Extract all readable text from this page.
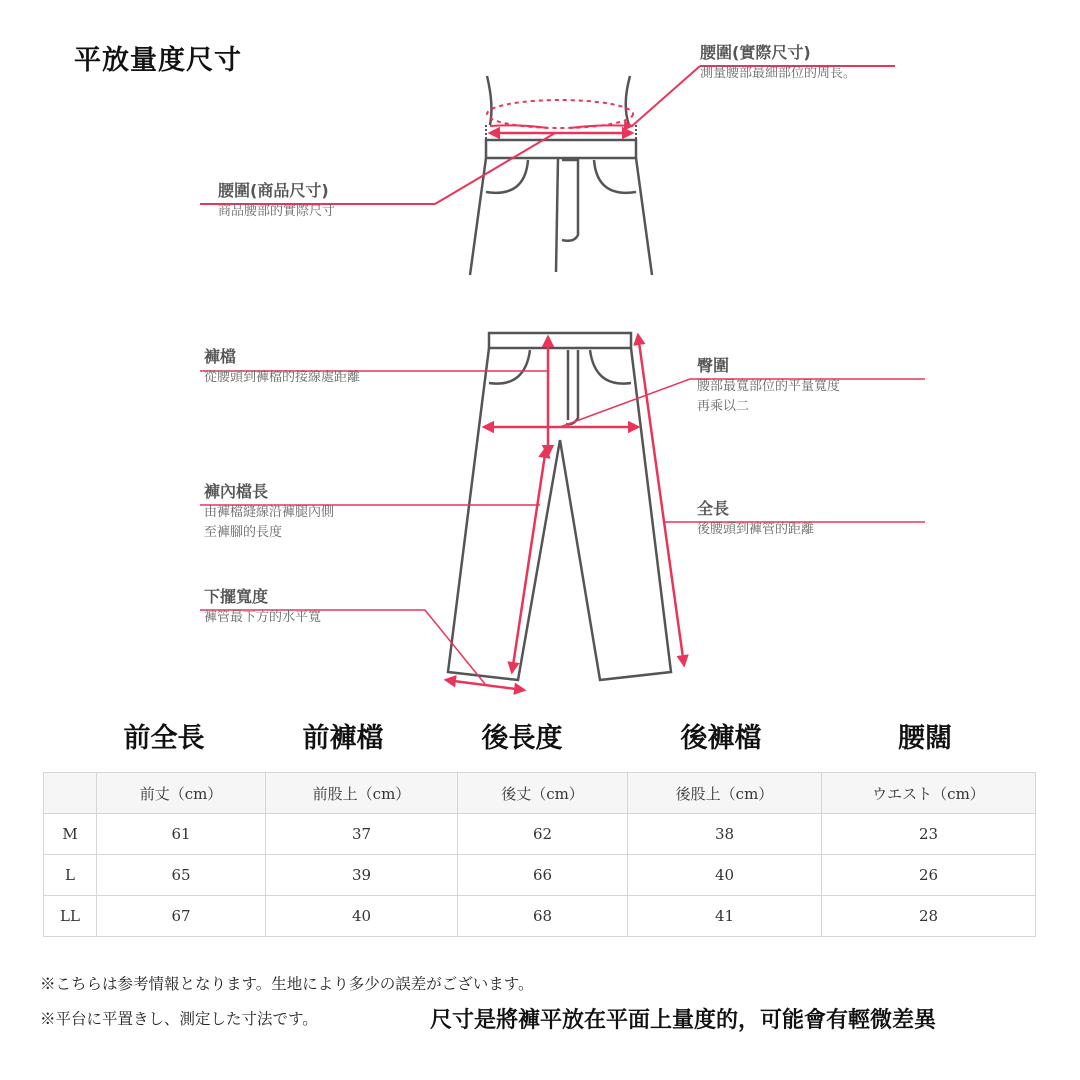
平放量度尺寸	腰圍(實際尺寸)
測量腰部最細部位的周長。
腰圍(商品尺寸)
商品腰部的實際尺寸
褲檔
從腰頭到褲檔的接線處距離
臀圍
腰部最寬部位的平量寬度
再乘以二
褲內檔長
由褲檔縫線沿褲腿內側
至褲腳的長度
全長
後腰頭到褲管的距離
下擺寬度
褲管最下方的水平寬
前全長	前褲檔	後長度	後褲檔	腰闊
	前丈（cm）	前股上（cm）	後丈（cm）	後股上（cm）	ウエスト（cm）
M	61	37	62	38	23
L	65	39	66	40	26
LL	67	40	68	41	28
※こちらは参考情報となります。生地により多少の誤差がございます。
※平台に平置きし、測定した寸法です。	尺寸是將褲平放在平面上量度的，可能會有輕微差異
